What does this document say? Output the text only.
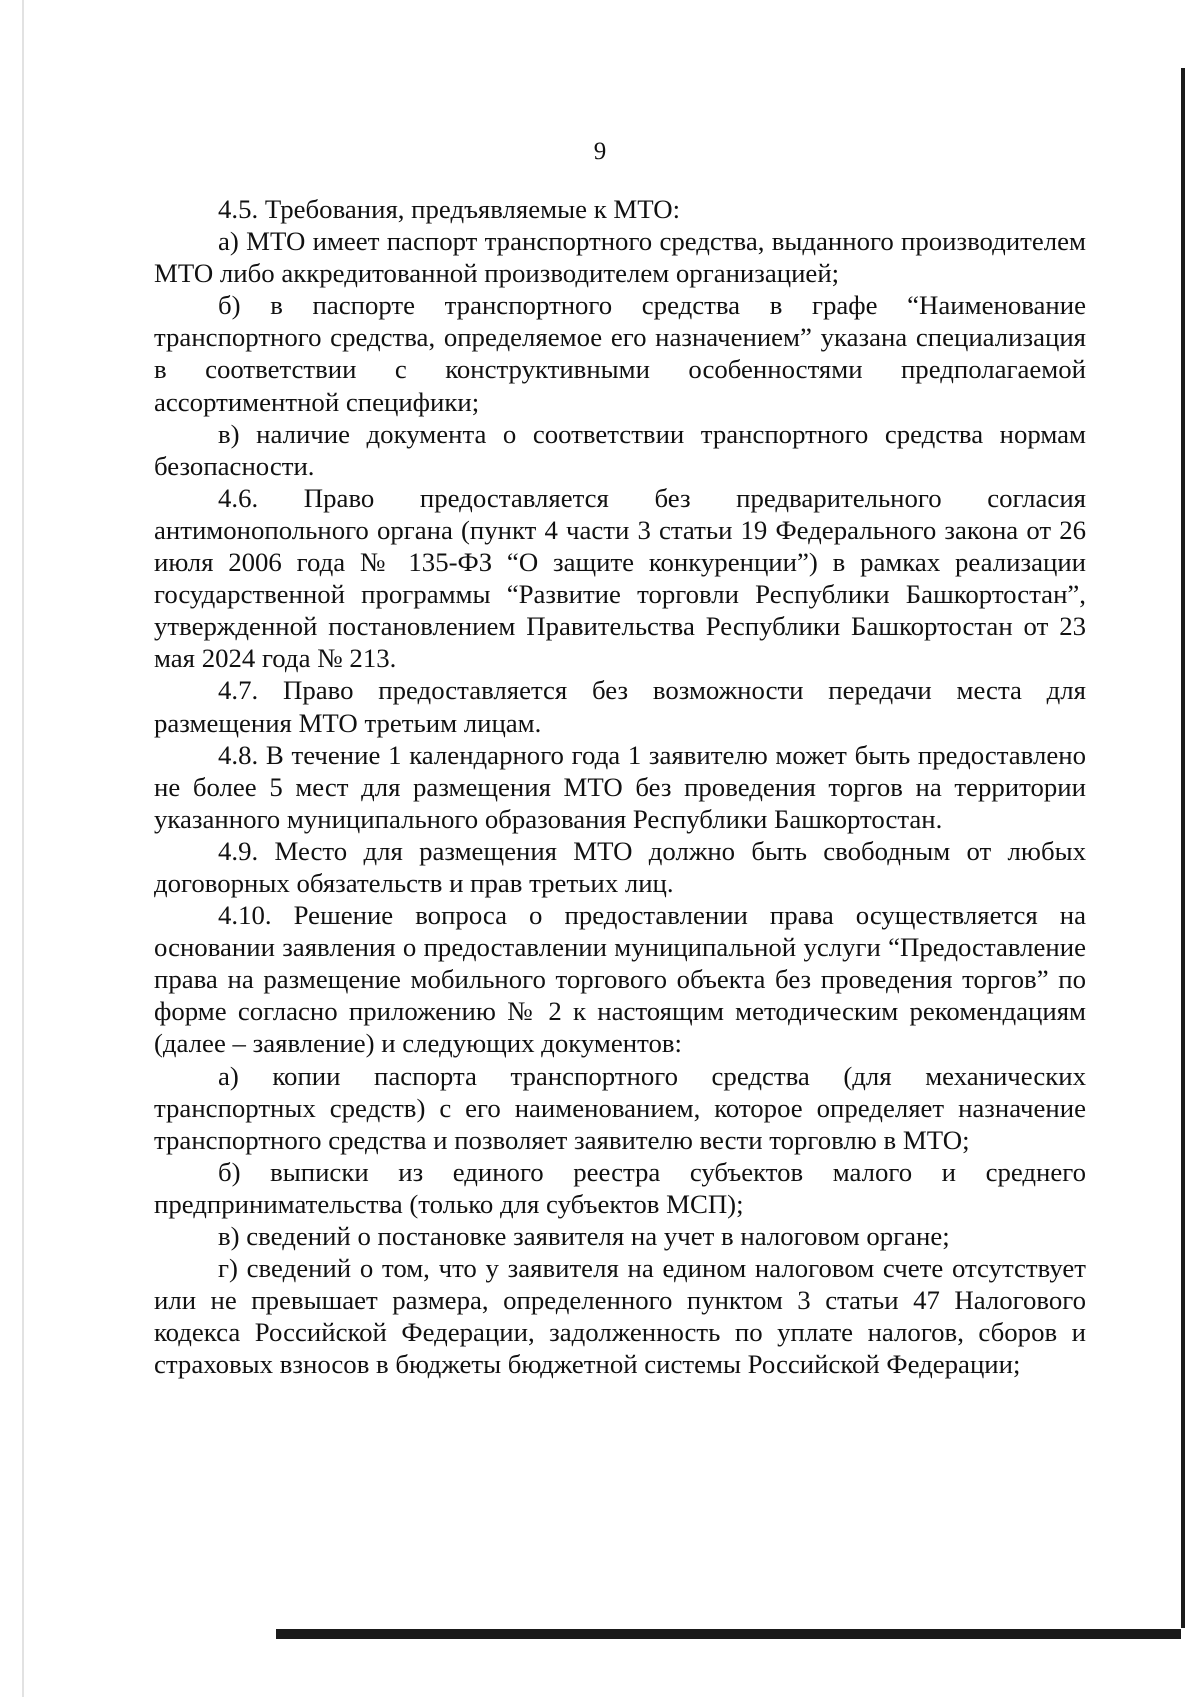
9

4.5. Требования, предъявляемые к МТО:

а) МТО имеет паспорт транспортного средства, выданного производителем МТО либо аккредитованной производителем организацией;

б) в паспорте транспортного средства в графе “Наименование транспортного средства, определяемое его назначением” указана специализация в соответствии с конструктивными особенностями предполагаемой ассортиментной специфики;

в) наличие документа о соответствии транспортного средства нормам безопасности.

4.6. Право предоставляется без предварительного согласия антимонопольного органа (пункт 4 части 3 статьи 19 Федерального закона от 26 июля 2006 года № 135-ФЗ “О защите конкуренции”) в рамках реализации государственной программы “Развитие торговли Республики Башкортостан”, утвержденной постановлением Правительства Республики Башкортостан от 23 мая 2024 года № 213.

4.7. Право предоставляется без возможности передачи места для размещения МТО третьим лицам.

4.8. В течение 1 календарного года 1 заявителю может быть предоставлено не более 5 мест для размещения МТО без проведения торгов на территории указанного муниципального образования Республики Башкортостан.

4.9. Место для размещения МТО должно быть свободным от любых договорных обязательств и прав третьих лиц.

4.10. Решение вопроса о предоставлении права осуществляется на основании заявления о предоставлении муниципальной услуги “Предоставление права на размещение мобильного торгового объекта без проведения торгов” по форме согласно приложению № 2 к настоящим методическим рекомендациям (далее – заявление) и следующих документов:

а) копии паспорта транспортного средства (для механических транспортных средств) с его наименованием, которое определяет назначение транспортного средства и позволяет заявителю вести торговлю в МТО;

б) выписки из единого реестра субъектов малого и среднего предпринимательства (только для субъектов МСП);

в) сведений о постановке заявителя на учет в налоговом органе;

г) сведений о том, что у заявителя на едином налоговом счете отсутствует или не превышает размера, определенного пунктом 3 статьи 47 Налогового кодекса Российской Федерации, задолженность по уплате налогов, сборов и страховых взносов в бюджеты бюджетной системы Российской Федерации;
